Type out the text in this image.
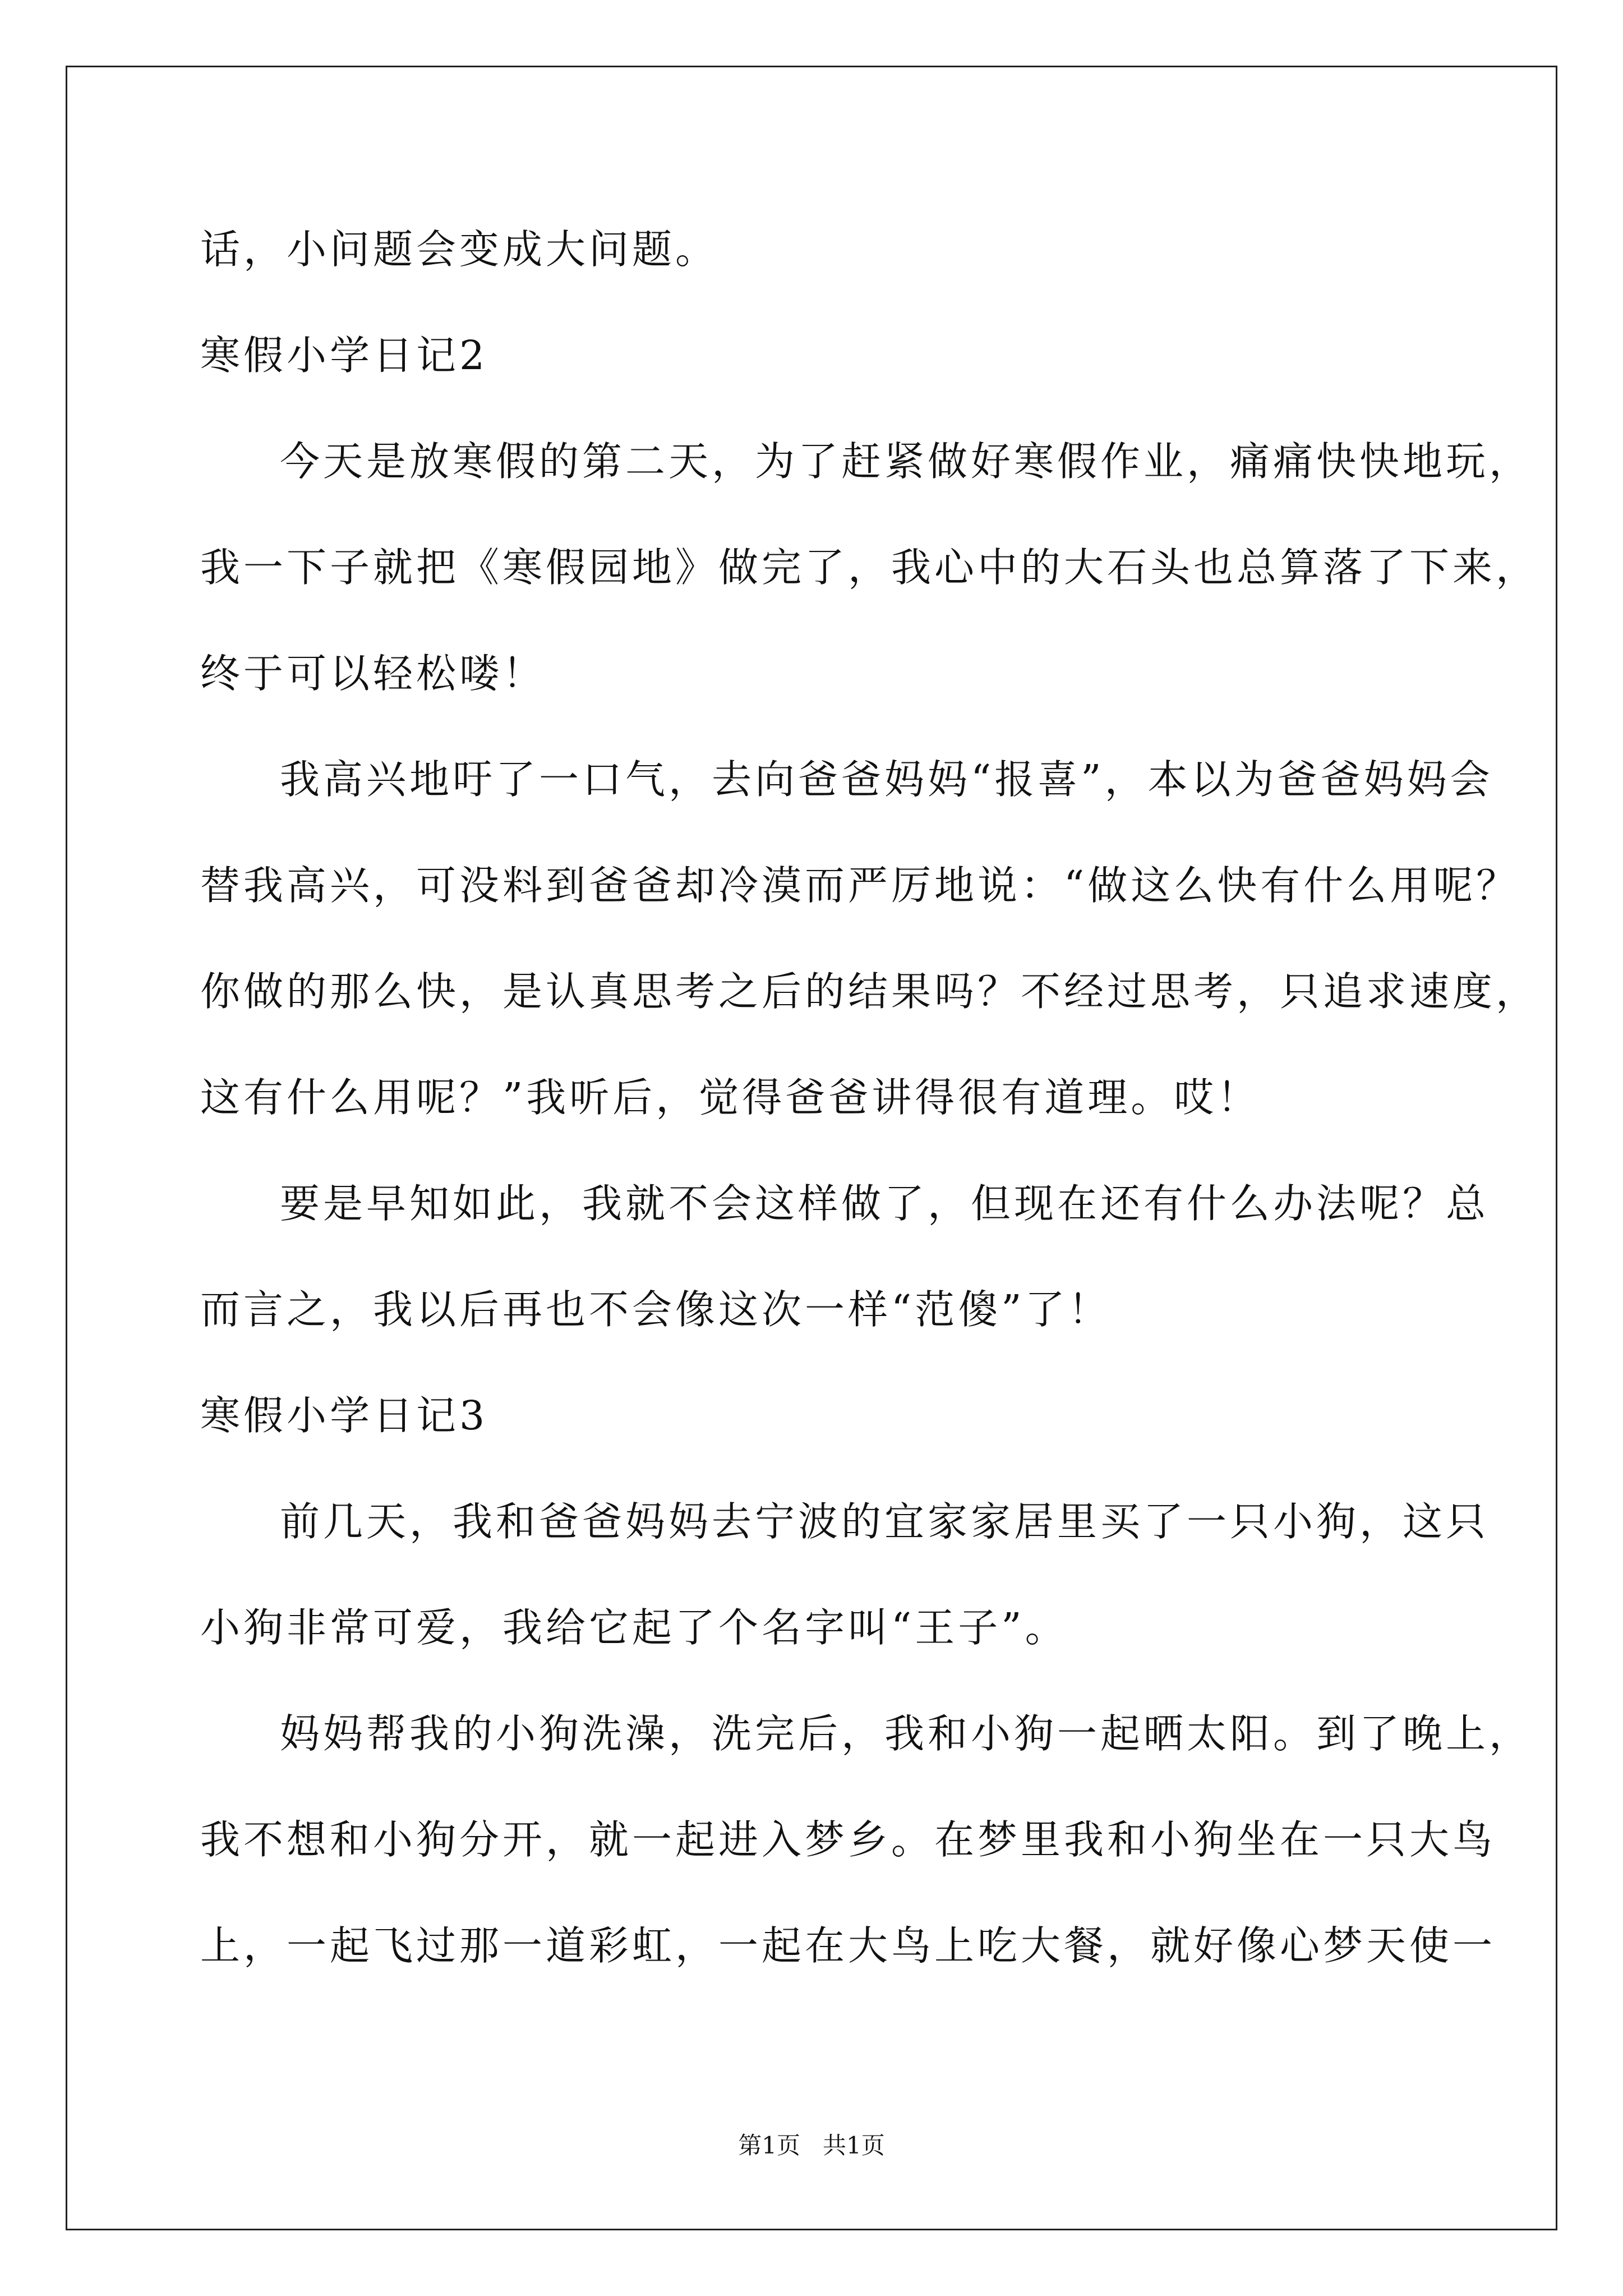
话，小问题会变成大问题。
寒假小学日记2
今天是放寒假的第二天，为了赶紧做好寒假作业，痛痛快快地玩，
我一下子就把《寒假园地》做完了，我心中的大石头也总算落了下来，
终于可以轻松喽！
我高兴地吁了一口气，去向爸爸妈妈“报喜”，本以为爸爸妈妈会
替我高兴，可没料到爸爸却冷漠而严厉地说：“做这么快有什么用呢？
你做的那么快，是认真思考之后的结果吗？不经过思考，只追求速度，
这有什么用呢？”我听后，觉得爸爸讲得很有道理。哎！
要是早知如此，我就不会这样做了，但现在还有什么办法呢？总
而言之，我以后再也不会像这次一样“范傻”了！
寒假小学日记3
前几天，我和爸爸妈妈去宁波的宜家家居里买了一只小狗，这只
小狗非常可爱，我给它起了个名字叫“王子”。
妈妈帮我的小狗洗澡，洗完后，我和小狗一起晒太阳。到了晚上，
我不想和小狗分开，就一起进入梦乡。在梦里我和小狗坐在一只大鸟
上，一起飞过那一道彩虹，一起在大鸟上吃大餐，就好像心梦天使一
第1页   共1页
